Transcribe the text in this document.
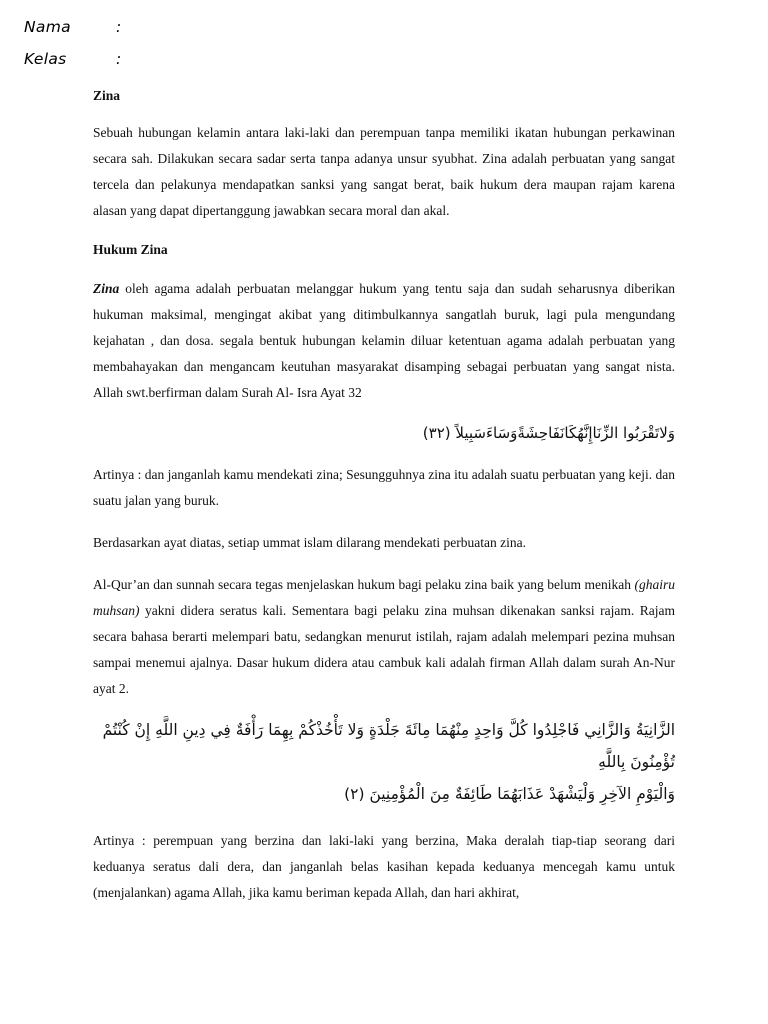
Nama	:
Kelas	:
Zina

Sebuah hubungan kelamin antara laki-laki dan perempuan tanpa memiliki ikatan hubungan perkawinan secara sah. Dilakukan secara sadar serta tanpa adanya unsur syubhat. Zina adalah perbuatan yang sangat tercela dan pelakunya mendapatkan sanksi yang sangat berat, baik hukum dera maupan rajam karena alasan yang dapat dipertanggung jawabkan secara moral dan akal.

Hukum Zina

Zina oleh agama adalah perbuatan melanggar hukum yang tentu saja dan sudah seharusnya diberikan hukuman maksimal, mengingat akibat yang ditimbulkannya sangatlah buruk, lagi pula mengundang kejahatan , dan dosa. segala bentuk hubungan kelamin diluar ketentuan agama adalah perbuatan yang membahayakan dan mengancam keutuhan masyarakat disamping sebagai perbuatan yang sangat nista. Allah swt.berfirman dalam Surah Al- Isra Ayat 32

وَلاتَقْرَبُوا الزِّنَاإِنَّهُكَانَفَاحِشَةًوَسَاءَسَبِيلاً (٣٢)

Artinya : dan janganlah kamu mendekati zina; Sesungguhnya zina itu adalah suatu perbuatan yang keji. dan suatu jalan yang buruk.

Berdasarkan ayat diatas, setiap ummat islam dilarang mendekati perbuatan zina.

Al-Qur’an dan sunnah secara tegas menjelaskan hukum bagi pelaku zina baik yang belum menikah (ghairu muhsan) yakni didera seratus kali. Sementara bagi pelaku zina muhsan dikenakan sanksi rajam. Rajam secara bahasa berarti melempari batu, sedangkan menurut istilah, rajam adalah melempari pezina muhsan sampai menemui ajalnya. Dasar hukum didera atau cambuk kali adalah firman Allah dalam surah An-Nur ayat 2.

الزَّانِيَةُ وَالزَّانِي فَاجْلِدُوا كُلَّ وَاحِدٍ مِنْهُمَا مِائَةَ جَلْدَةٍ وَلا تَأْخُذْكُمْ بِهِمَا رَأْفَةٌ فِي دِينِ اللَّهِ إِنْ كُنْتُمْ تُؤْمِنُونَ بِاللَّهِ

وَالْيَوْمِ الآخِرِ وَلْيَشْهَدْ عَذَابَهُمَا طَائِفَةٌ مِنَ الْمُؤْمِنِينَ (٢)

Artinya : perempuan yang berzina dan laki-laki yang berzina, Maka deralah tiap-tiap seorang dari keduanya seratus dali dera, dan janganlah belas kasihan kepada keduanya mencegah kamu untuk (menjalankan) agama Allah, jika kamu beriman kepada Allah, dan hari akhirat,
